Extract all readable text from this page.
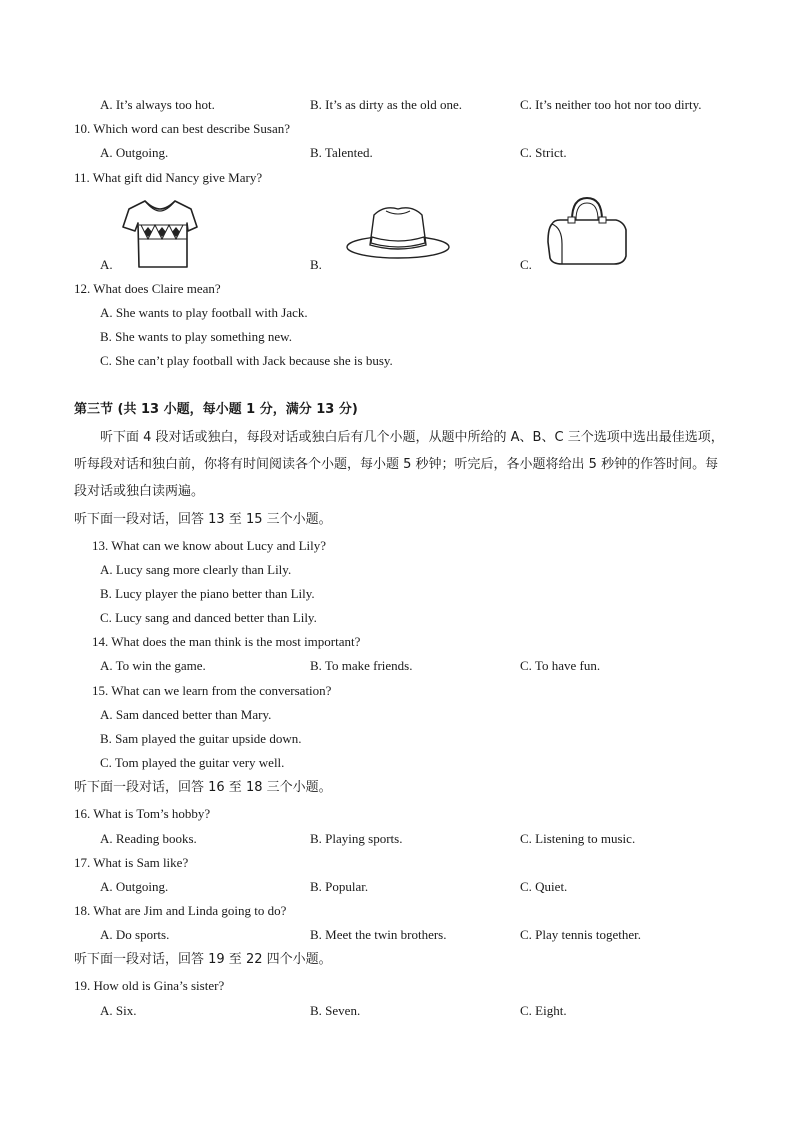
A. It’s always too hot.	B. It’s as dirty as the old one.	C. It’s neither too hot nor too dirty.
10. Which word can best describe Susan?
A. Outgoing.	B. Talented.	C. Strict.
11. What gift did Nancy give Mary?
A.	B.	C.
12. What does Claire mean?
A. She wants to play football with Jack.
B. She wants to play something new.
C. She can’t play football with Jack because she is busy.
第三节 (共 13 小题，每小题 1 分，满分 13 分)
听下面 4 段对话或独白，每段对话或独白后有几个小题，从题中所给的 A、B、C 三个选项中选出最佳选项，听每段对话和独白前，你将有时间阅读各个小题，每小题 5 秒钟；听完后，各小题将给出 5 秒钟的作答时间。每段对话或独白读两遍。
听下面一段对话，回答 13 至 15 三个小题。
13. What can we know about Lucy and Lily?
A. Lucy sang more clearly than Lily.
B. Lucy player the piano better than Lily.
C. Lucy sang and danced better than Lily.
14. What does the man think is the most important?
A. To win the game.	B. To make friends.	C. To have fun.
15. What can we learn from the conversation?
A. Sam danced better than Mary.
B. Sam played the guitar upside down.
C. Tom played the guitar very well.
听下面一段对话，回答 16 至 18 三个小题。
16. What is Tom’s hobby?
A. Reading books.	B. Playing sports.	C. Listening to music.
17. What is Sam like?
A. Outgoing.	B. Popular.	C. Quiet.
18. What are Jim and Linda going to do?
A. Do sports.	B. Meet the twin brothers.	C. Play tennis together.
听下面一段对话，回答 19 至 22 四个小题。
19. How old is Gina’s sister?
A. Six.	B. Seven.	C. Eight.
